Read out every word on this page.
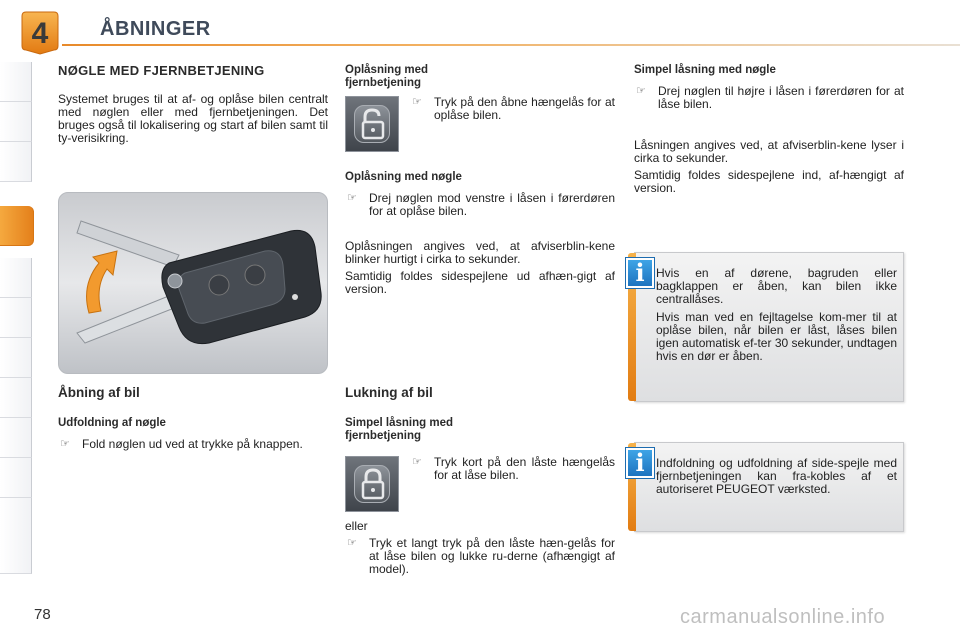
4	ÅBNINGER
NØGLE MED FJERNBETJENING

Systemet bruges til at af- og oplåse bilen centralt med nøglen eller med fjernbetjeningen. Det bruges også til lokalisering og start af bilen samt til ty-verisikring.

Åbning af bil
Udfoldning af nøgle
☞ Fold nøglen ud ved at trykke på knappen.
Oplåsning med fjernbetjening
☞ Tryk på den åbne hængelås for at oplåse bilen.
Oplåsning med nøgle
☞ Drej nøglen mod venstre i låsen i førerdøren for at oplåse bilen.

Oplåsningen angives ved, at afviserblin-kene blinker hurtigt i cirka to sekunder.

Samtidig foldes sidespejlene ud afhæn-gigt af version.

Lukning af bil
Simpel låsning med fjernbetjening
☞ Tryk kort på den låste hængelås for at låse bilen.

eller

☞ Tryk et langt tryk på den låste hæn-gelås for at låse bilen og lukke ru-derne (afhængigt af model).
Simpel låsning med nøgle
☞ Drej nøglen til højre i låsen i førerdøren for at låse bilen.

Låsningen angives ved, at afviserblin-kene lyser i cirka to sekunder.

Samtidig foldes sidespejlene ind, af-hængigt af version.

Hvis en af dørene, bagruden eller bagklappen er åben, kan bilen ikke centrallåses.

Hvis man ved en fejltagelse kom-mer til at oplåse bilen, når bilen er låst, låses bilen igen automatisk ef-ter 30 sekunder, undtagen hvis en dør er åben.

i

Indfoldning og udfoldning af side-spejle med fjernbetjeningen kan fra-kobles af et autoriseret PEUGEOT værksted.

i
78	carmanualsonline.info
